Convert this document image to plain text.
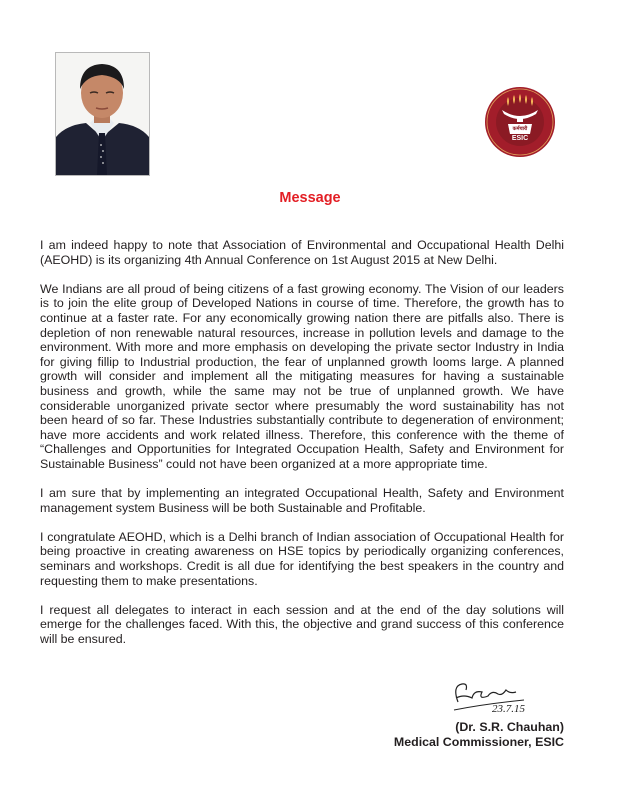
कर्मचारी
ESIC
Message

I am indeed happy to note that Association of Environmental and Occupational Health Delhi (AEOHD) is its organizing 4th Annual Conference on 1st August 2015 at New Delhi.

We Indians are all proud of being citizens of a fast growing economy. The Vision of our leaders is to join the elite group of Developed Nations in course of time. Therefore, the growth has to continue at a faster rate. For any economically growing nation there are pitfalls also. There is depletion of non renewable natural resources, increase in pollution levels and damage to the environment. With more and more emphasis on developing the private sector Industry in India for giving fillip to Industrial production, the fear of unplanned growth looms large. A planned growth will consider and implement all the mitigating measures for having a sustainable business and growth, while the same may not be true of unplanned growth. We have considerable unorganized private sector where presumably the word sustainability has not been heard of so far. These Industries substantially contribute to degeneration of environment; have more accidents and work related illness. Therefore, this conference with the theme of “Challenges and Opportunities for Integrated Occupation Health, Safety and Environment for Sustainable Business” could not have been organized at a more appropriate time.

I am sure that by implementing an integrated Occupational Health, Safety and Environment management system Business will be both Sustainable and Profitable.

I congratulate AEOHD, which is a Delhi branch of Indian association of Occupational Health for being proactive in creating awareness on HSE topics by periodically organizing conferences, seminars and workshops. Credit is all due for identifying the best speakers in the country and requesting them to make presentations.

I request all delegates to interact in each session and at the end of the day solutions will emerge for the challenges faced. With this, the objective and grand success of this conference will be ensured.

23.7.15
(Dr. S.R. Chauhan)
Medical Commissioner, ESIC
